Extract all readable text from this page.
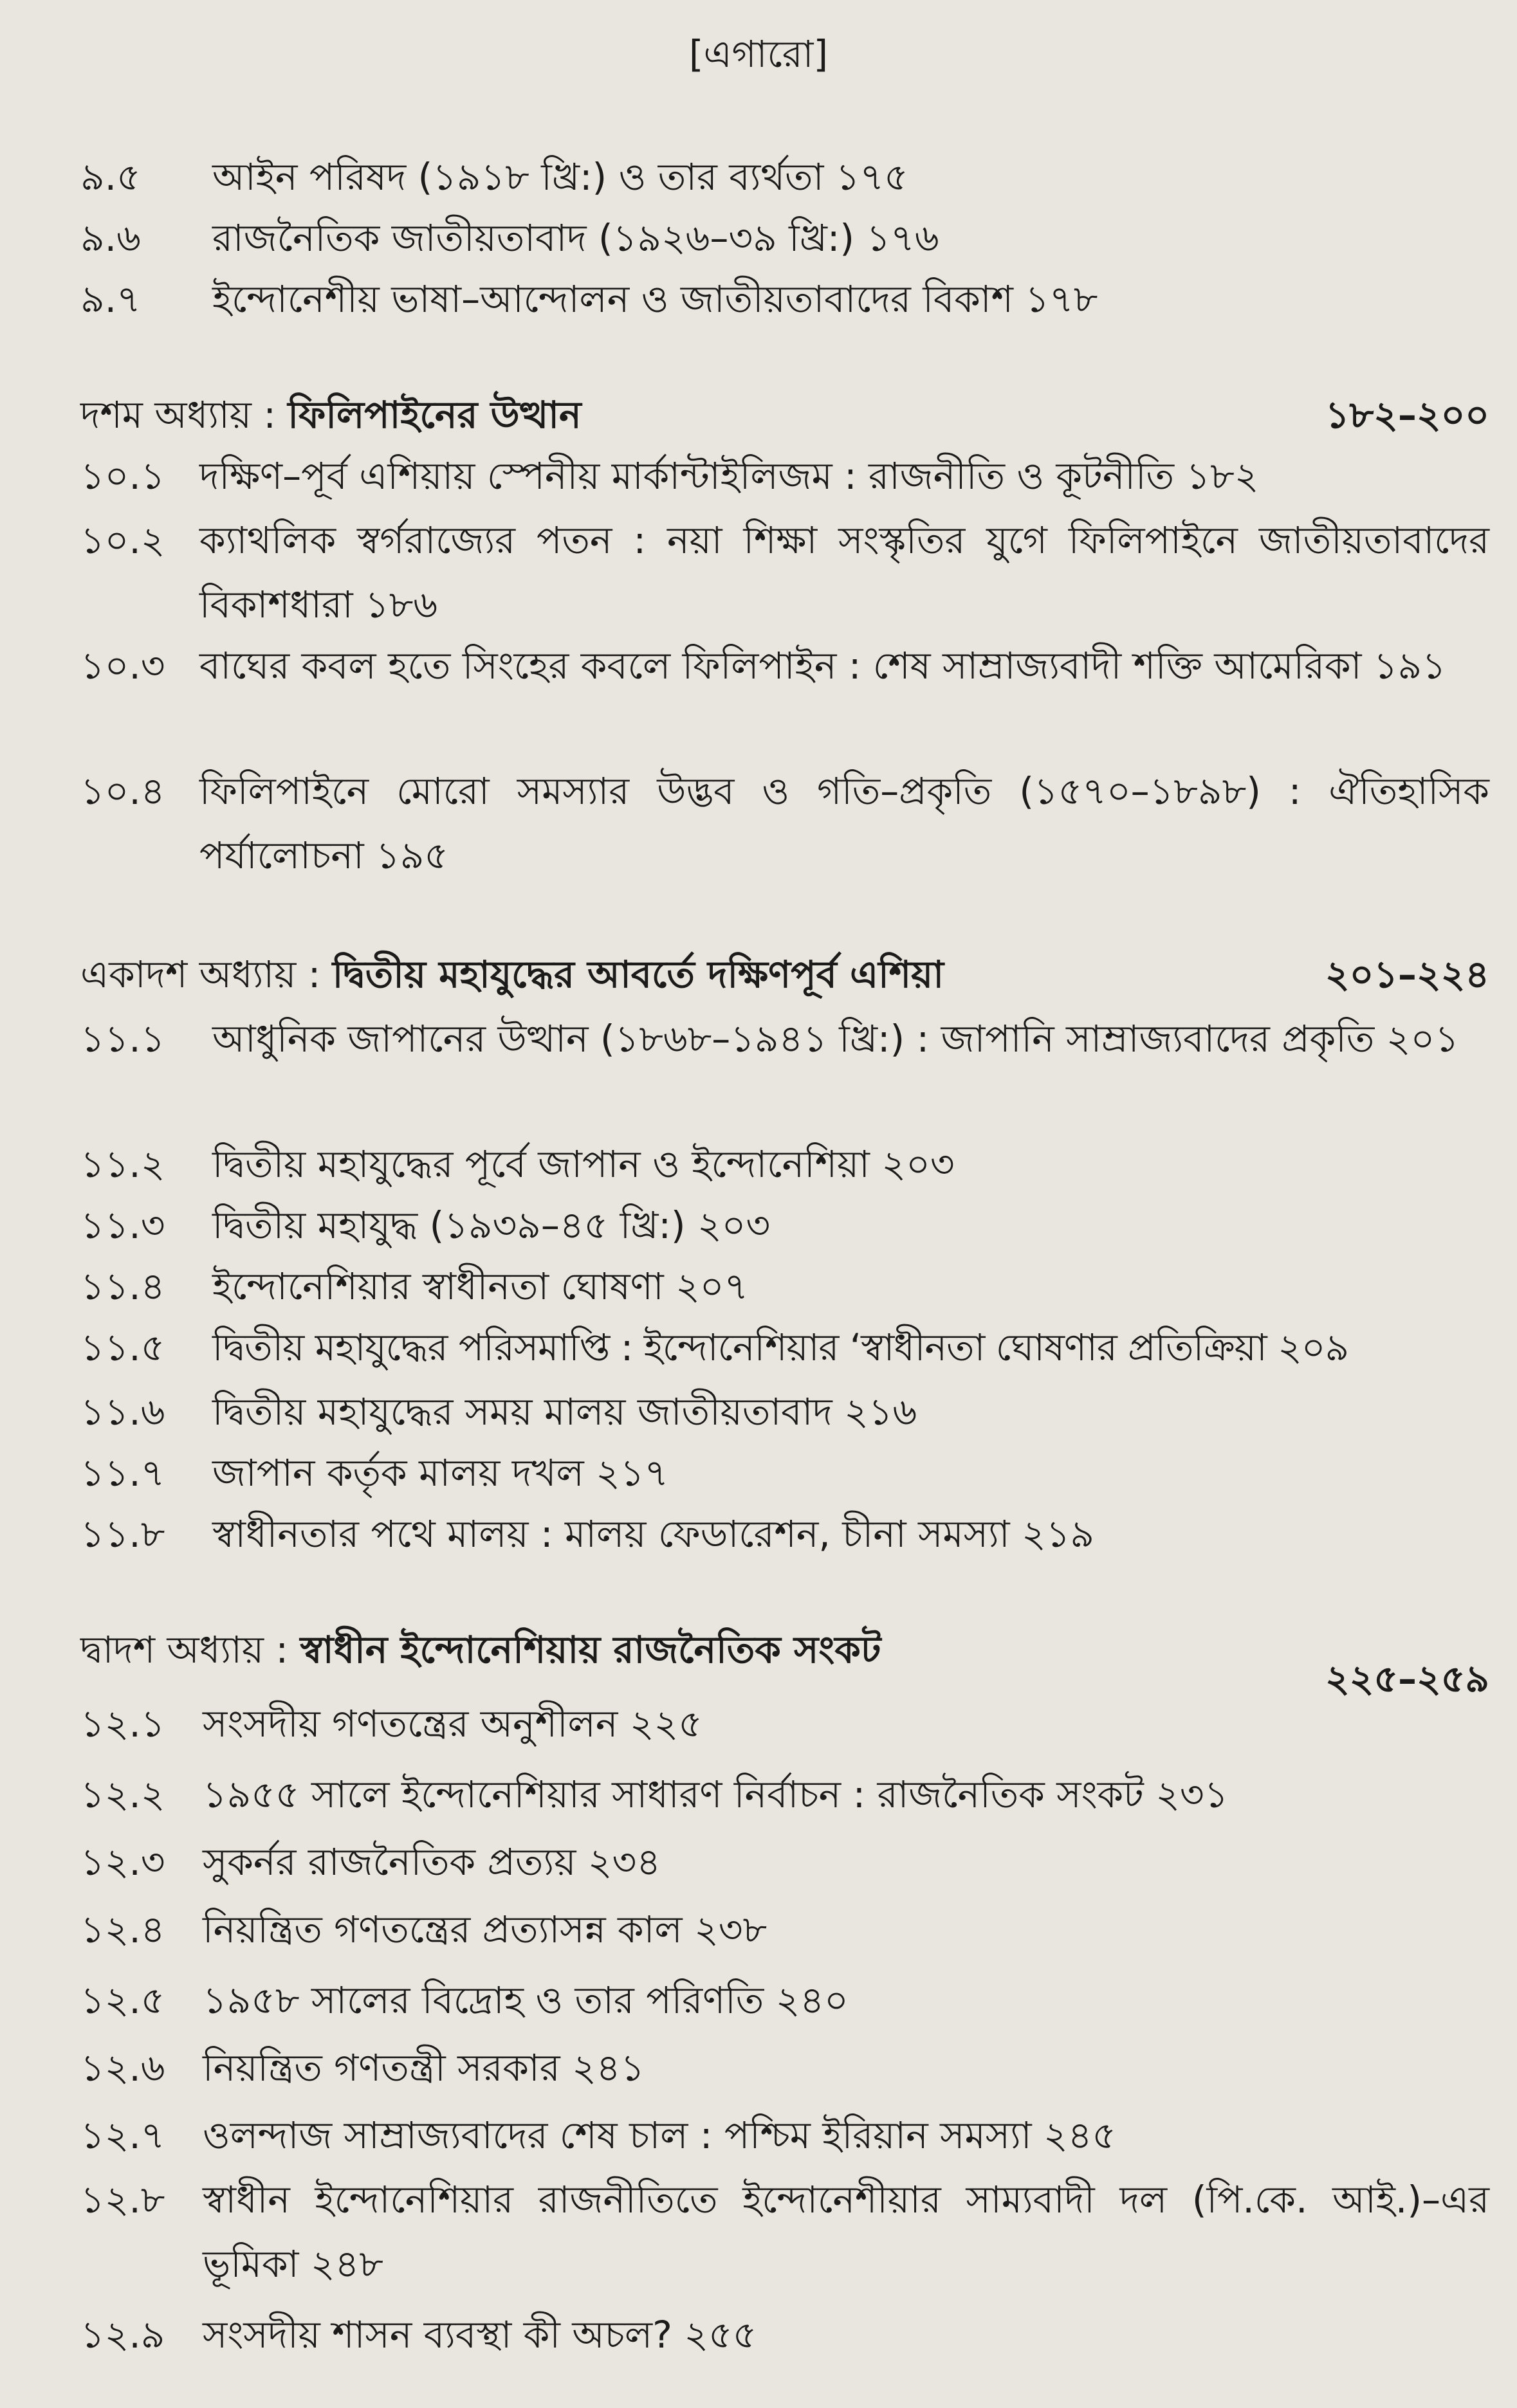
[এগারো]
৯.৫ আইন পরিষদ (১৯১৮ খ্রি:) ও তার ব্যর্থতা ১৭৫
৯.৬ রাজনৈতিক জাতীয়তাবাদ (১৯২৬–৩৯ খ্রি:) ১৭৬
৯.৭ ইন্দোনেশীয় ভাষা–আন্দোলন ও জাতীয়তাবাদের বিকাশ ১৭৮
দশম অধ্যায় : ফিলিপাইনের উত্থান	১৮২–২০০
১০.১ দক্ষিণ–পূর্ব এশিয়ায় স্পেনীয় মার্কান্টাইলিজম : রাজনীতি ও কূটনীতি ১৮২
১০.২ ক্যাথলিক স্বর্গরাজ্যের পতন : নয়া শিক্ষা সংস্কৃতির যুগে ফিলিপাইনে জাতীয়তাবাদের বিকাশধারা ১৮৬
১০.৩ বাঘের কবল হতে সিংহের কবলে ফিলিপাইন : শেষ সাম্রাজ্যবাদী শক্তি আমেরিকা ১৯১
১০.৪ ফিলিপাইনে মোরো সমস্যার উদ্ভব ও গতি–প্রকৃতি (১৫৭০–১৮৯৮) : ঐতিহাসিক পর্যালোচনা ১৯৫
একাদশ অধ্যায় : দ্বিতীয় মহাযুদ্ধের আবর্তে দক্ষিণপূর্ব এশিয়া	২০১–২২৪
১১.১ আধুনিক জাপানের উত্থান (১৮৬৮–১৯৪১ খ্রি:) : জাপানি সাম্রাজ্যবাদের প্রকৃতি ২০১
১১.২ দ্বিতীয় মহাযুদ্ধের পূর্বে জাপান ও ইন্দোনেশিয়া ২০৩
১১.৩ দ্বিতীয় মহাযুদ্ধ (১৯৩৯–৪৫ খ্রি:) ২০৩
১১.৪ ইন্দোনেশিয়ার স্বাধীনতা ঘোষণা ২০৭
১১.৫ দ্বিতীয় মহাযুদ্ধের পরিসমাপ্তি : ইন্দোনেশিয়ার ‘স্বাধীনতা ঘোষণার প্রতিক্রিয়া ২০৯
১১.৬ দ্বিতীয় মহাযুদ্ধের সময় মালয় জাতীয়তাবাদ ২১৬
১১.৭ জাপান কর্তৃক মালয় দখল ২১৭
১১.৮ স্বাধীনতার পথে মালয় : মালয় ফেডারেশন, চীনা সমস্যা ২১৯
দ্বাদশ অধ্যায় : স্বাধীন ইন্দোনেশিয়ায় রাজনৈতিক সংকট
২২৫–২৫৯
১২.১ সংসদীয় গণতন্ত্রের অনুশীলন ২২৫
১২.২ ১৯৫৫ সালে ইন্দোনেশিয়ার সাধারণ নির্বাচন : রাজনৈতিক সংকট ২৩১
১২.৩ সুকর্নর রাজনৈতিক প্রত্যয় ২৩৪
১২.৪ নিয়ন্ত্রিত গণতন্ত্রের প্রত্যাসন্ন কাল ২৩৮
১২.৫ ১৯৫৮ সালের বিদ্রোহ ও তার পরিণতি ২৪০
১২.৬ নিয়ন্ত্রিত গণতন্ত্রী সরকার ২৪১
১২.৭ ওলন্দাজ সাম্রাজ্যবাদের শেষ চাল : পশ্চিম ইরিয়ান সমস্যা ২৪৫
১২.৮ স্বাধীন ইন্দোনেশিয়ার রাজনীতিতে ইন্দোনেশীয়ার সাম্যবাদী দল (পি.কে. আই.)–এর ভূমিকা ২৪৮
১২.৯ সংসদীয় শাসন ব্যবস্থা কী অচল? ২৫৫
